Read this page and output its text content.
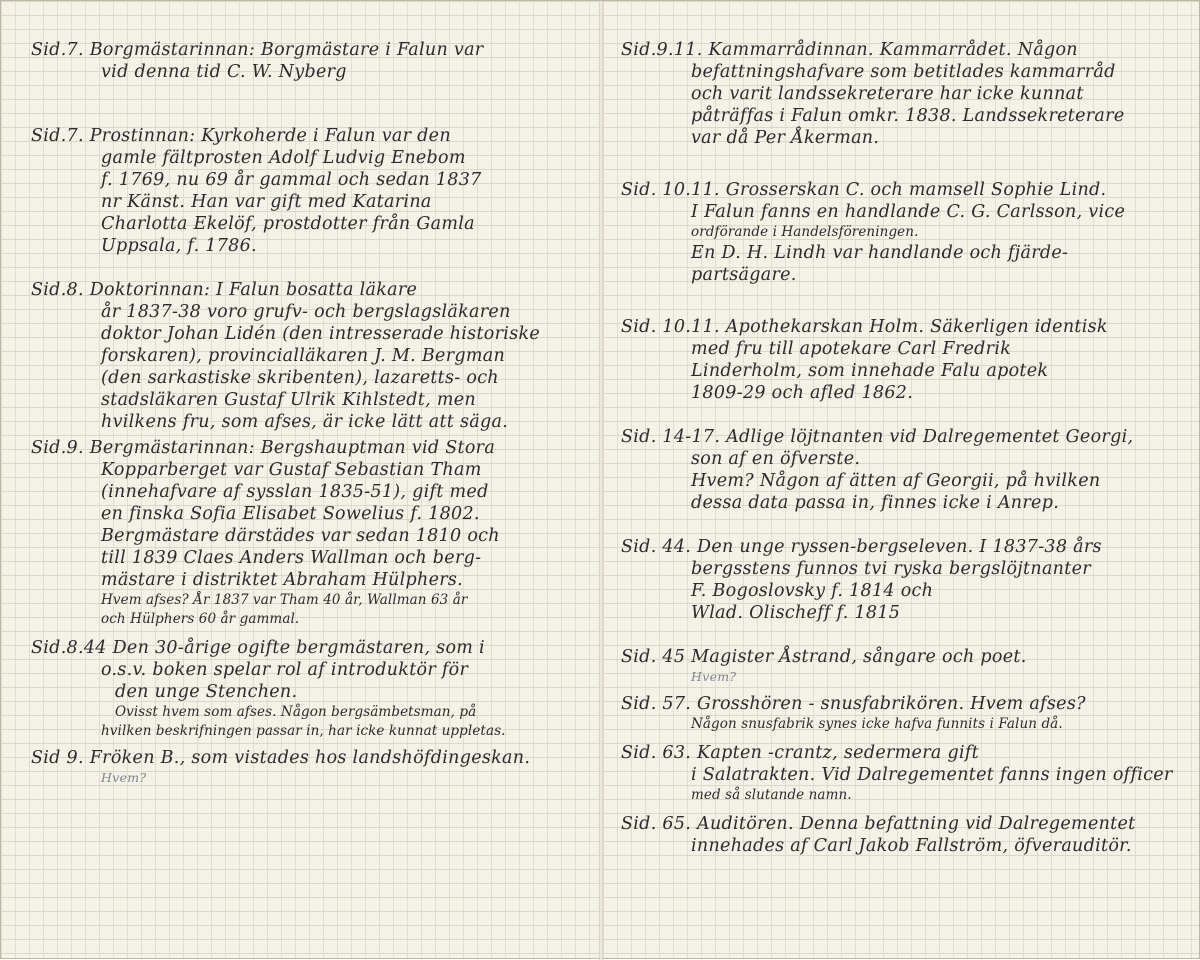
Sid.7. Borgmästarinnan: Borgmästare i Falun var
vid denna tid C. W. Nyberg
Sid.7. Prostinnan: Kyrkoherde i Falun var den
gamle fältprosten Adolf Ludvig Enebom
f. 1769, nu 69 år gammal och sedan 1837
nr Känst. Han var gift med Katarina
Charlotta Ekelöf, prostdotter från Gamla
Uppsala, f. 1786.
Sid.8. Doktorinnan: I Falun bosatta läkare
år 1837-38 voro grufv- och bergslagsläkaren
doktor Johan Lidén (den intresserade historiske
forskaren), provincialläkaren J. M. Bergman
(den sarkastiske skribenten), lazaretts- och
stadsläkaren Gustaf Ulrik Kihlstedt, men
hvilkens fru, som afses, är icke lätt att säga.
Sid.9. Bergmästarinnan: Bergshauptman vid Stora
Kopparberget var Gustaf Sebastian Tham
(innehafvare af sysslan 1835-51), gift med
en finska Sofia Elisabet Sowelius f. 1802.
Bergmästare därstädes var sedan 1810 och
till 1839 Claes Anders Wallman och berg-
mästare i distriktet Abraham Hülphers.
Hvem afses? År 1837 var Tham 40 år, Wallman 63 år
och Hülphers 60 år gammal.
Sid.8.44 Den 30-årige ogifte bergmästaren, som i
o.s.v. boken spelar rol af introduktör för
den unge Stenchen.
Ovisst hvem som afses. Någon bergsämbetsman, på
hvilken beskrifningen passar in, har icke kunnat uppletas.
Sid 9. Fröken B., som vistades hos landshöfdingeskan.
Hvem?
Sid.9.11. Kammarrådinnan. Kammarrådet. Någon
befattningshafvare som betitlades kammarråd
och varit landssekreterare har icke kunnat
påträffas i Falun omkr. 1838. Landssekreterare
var då Per Åkerman.
Sid. 10.11. Grosserskan C. och mamsell Sophie Lind.
I Falun fanns en handlande C. G. Carlsson, vice
ordförande i Handelsföreningen.
En D. H. Lindh var handlande och fjärde-
partsägare.
Sid. 10.11. Apothekarskan Holm. Säkerligen identisk
med fru till apotekare Carl Fredrik
Linderholm, som innehade Falu apotek
1809-29 och afled 1862.
Sid. 14-17. Adlige löjtnanten vid Dalregementet Georgi,
son af en öfverste.
Hvem? Någon af ätten af Georgii, på hvilken
dessa data passa in, finnes icke i Anrep.
Sid. 44. Den unge ryssen-bergseleven. I 1837-38 års
bergsstens funnos tvi ryska bergslöjtnanter
F. Bogoslovsky f. 1814 och
Wlad. Olischeff f. 1815
Sid. 45 Magister Åstrand, sångare och poet.
Hvem?
Sid. 57. Grosshören - snusfabrikören. Hvem afses?
Någon snusfabrik synes icke hafva funnits i Falun då.
Sid. 63. Kapten -crantz, sedermera gift
i Salatrakten. Vid Dalregementet fanns ingen officer
med så slutande namn.
Sid. 65. Auditören. Denna befattning vid Dalregementet
innehades af Carl Jakob Fallström, öfverauditör.
